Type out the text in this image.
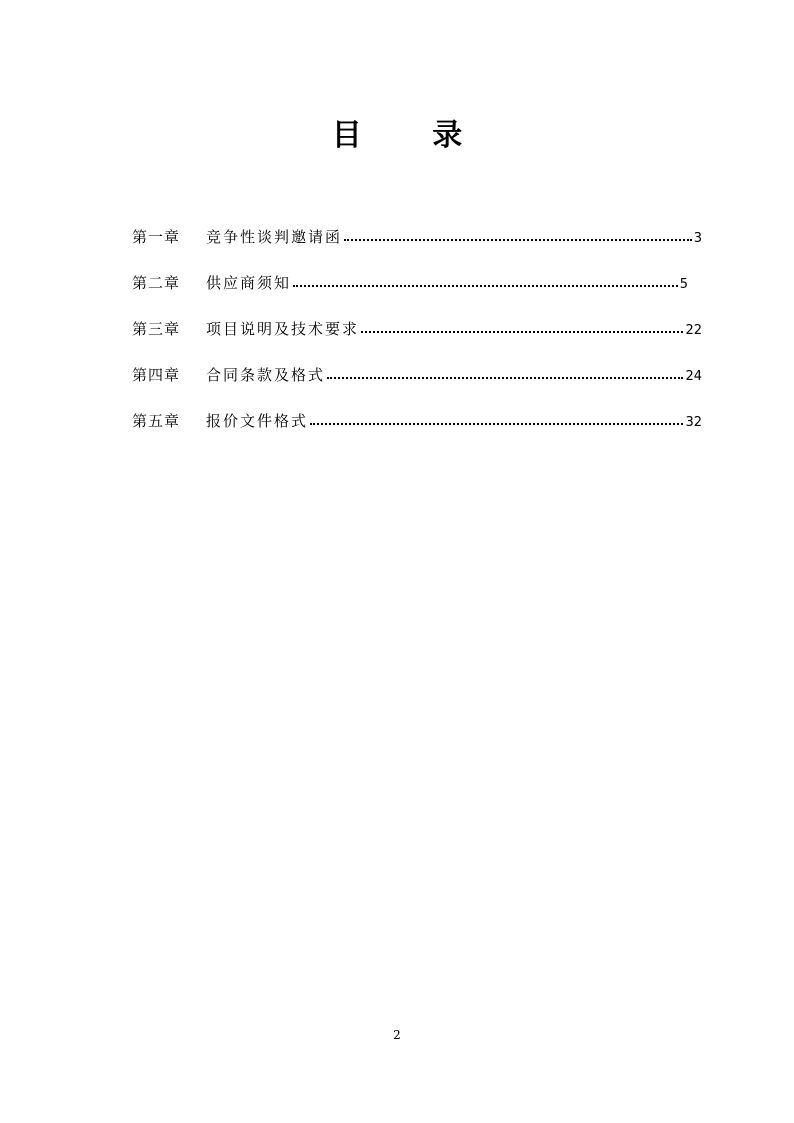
目 录
第一章	竞争性谈判邀请函	3
第二章	供应商须知	5
第三章	项目说明及技术要求	22
第四章	合同条款及格式	24
第五章	报价文件格式	32
2
